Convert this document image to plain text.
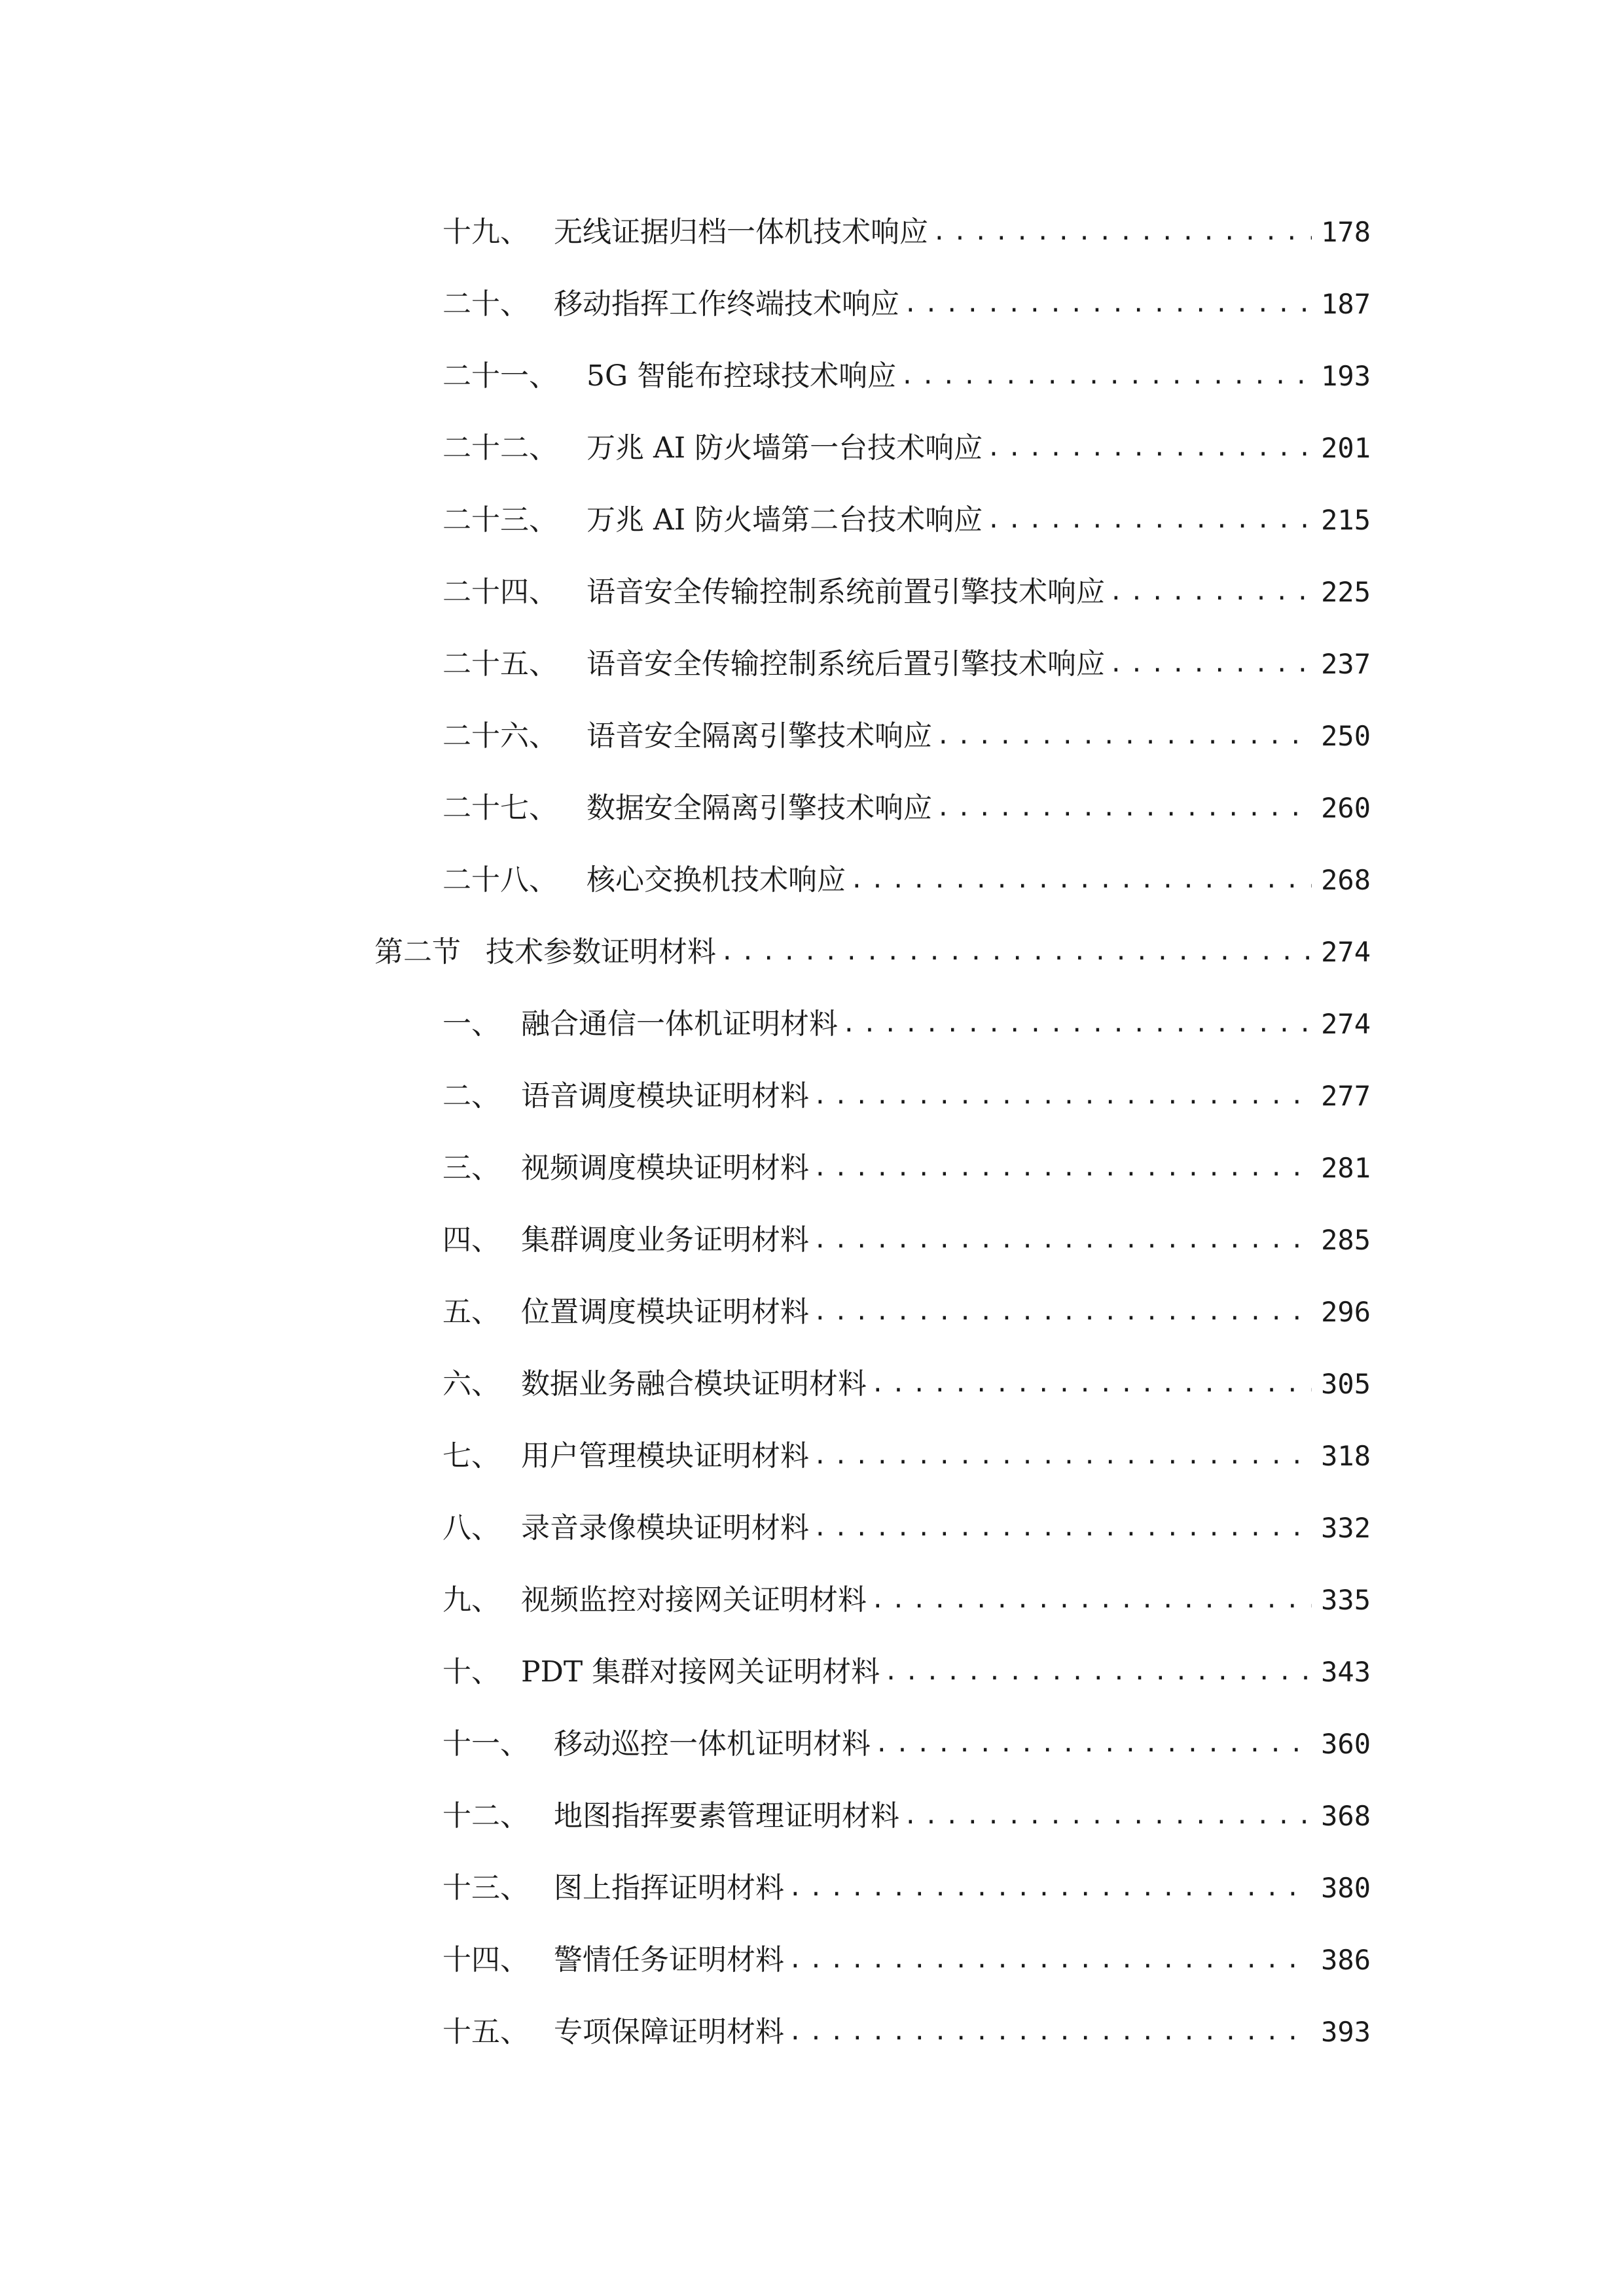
十九、 无线证据归档一体机技术响应 .....	178
二十、 移动指挥工作终端技术响应 .....	187
二十一、	5G 智能布控球技术响应 .....	193
二十二、	万兆 AI 防火墙第一台技术响应 .....	201
二十三、	万兆 AI 防火墙第二台技术响应 .....	215
二十四、	语音安全传输控制系统前置引擎技术响应 .....	225
二十五、	语音安全传输控制系统后置引擎技术响应 .....	237
二十六、	语音安全隔离引擎技术响应 .....	250
二十七、	数据安全隔离引擎技术响应 .....	260
二十八、	核心交换机技术响应 .....	268
第二节 技术参数证明材料 .....	274
一、 融合通信一体机证明材料 .....	274
二、 语音调度模块证明材料 .....	277
三、 视频调度模块证明材料 .....	281
四、 集群调度业务证明材料 .....	285
五、 位置调度模块证明材料 .....	296
六、 数据业务融合模块证明材料 .....	305
七、 用户管理模块证明材料 .....	318
八、 录音录像模块证明材料 .....	332
九、 视频监控对接网关证明材料 .....	335
十、 PDT 集群对接网关证明材料 .....	343
十一、 移动巡控一体机证明材料 .....	360
十二、 地图指挥要素管理证明材料 .....	368
十三、 图上指挥证明材料 .....	380
十四、 警情任务证明材料 .....	386
十五、 专项保障证明材料 .....	393
